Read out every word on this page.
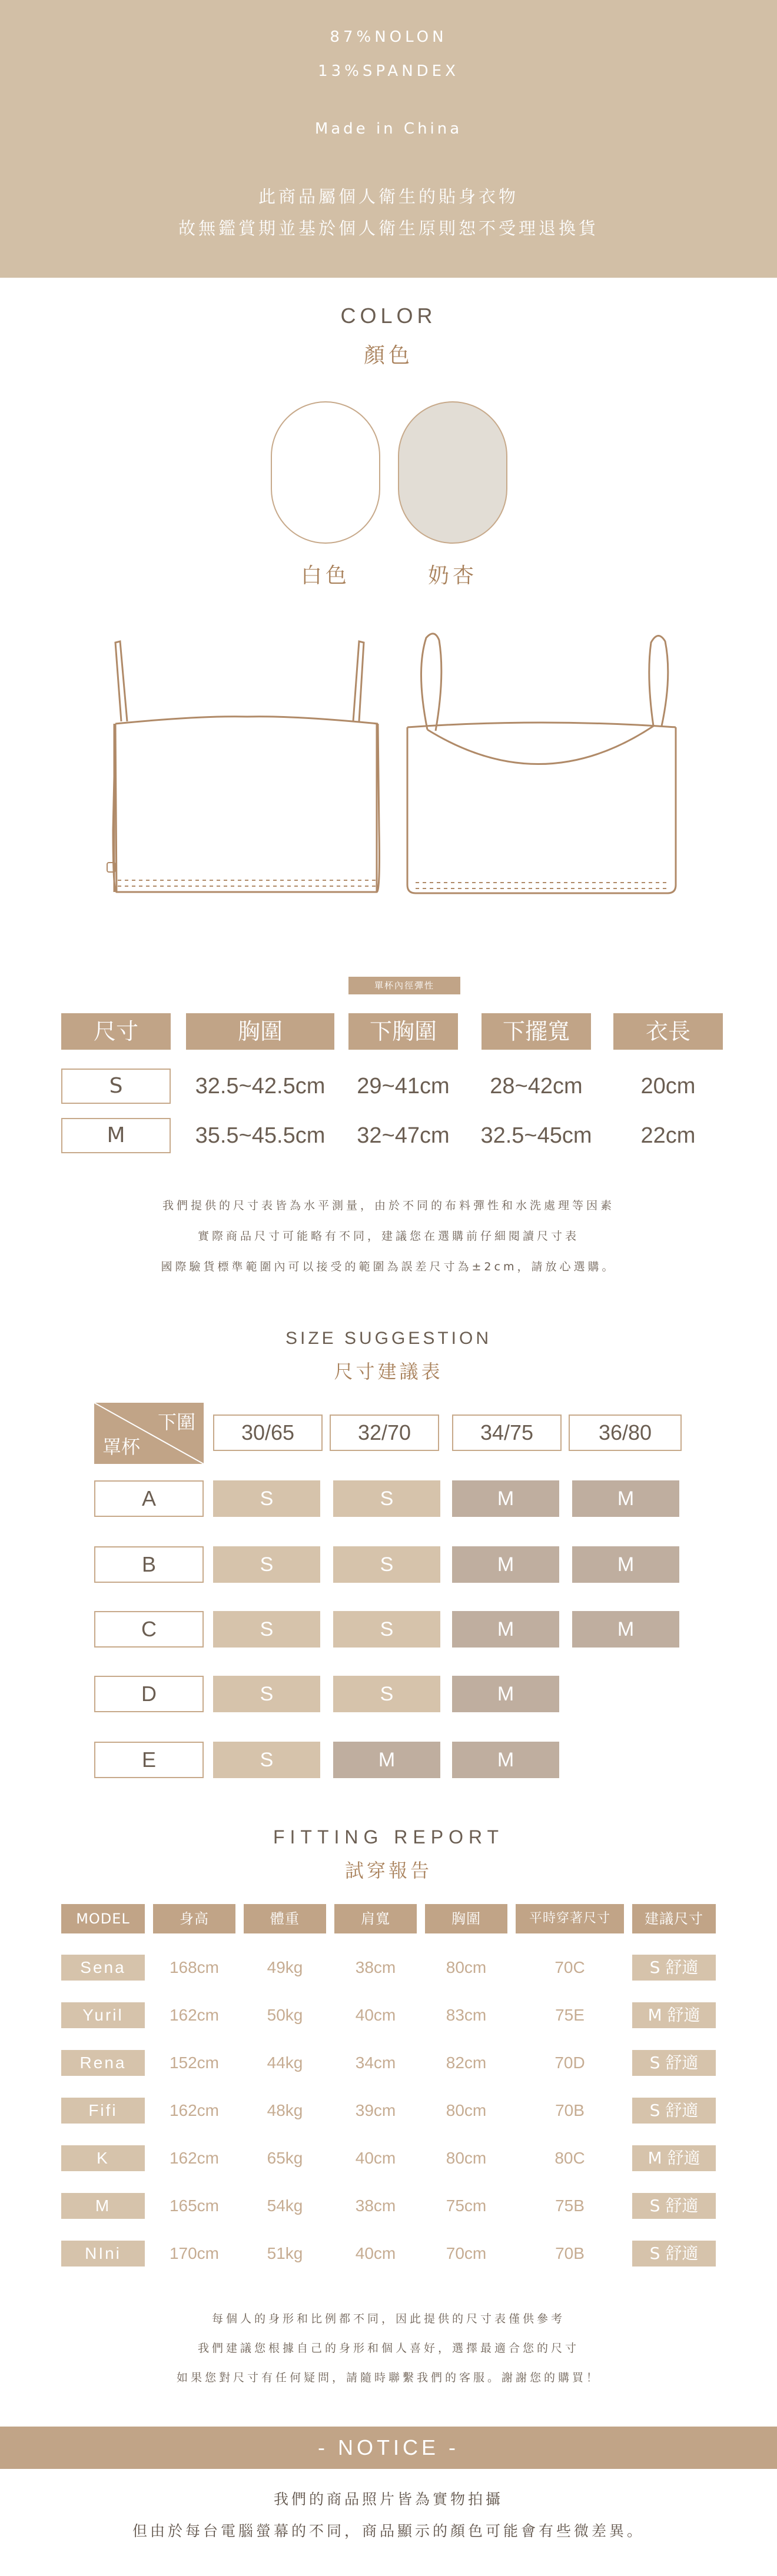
87%NOLON
13%SPANDEX
Made in China
此商品屬個人衛生的貼身衣物
故無鑑賞期並基於個人衛生原則恕不受理退換貨
COLOR
顏色
白色	奶杏
單杯內徑彈性
尺寸	胸圍	下胸圍	下擺寬	衣長
S	32.5~42.5cm	29~41cm	28~42cm	20cm
M	35.5~45.5cm	32~47cm	32.5~45cm	22cm
我們提供的尺寸表皆為水平測量，由於不同的布料彈性和水洗處理等因素
實際商品尺寸可能略有不同，建議您在選購前仔細閱讀尺寸表
國際驗貨標準範圍內可以接受的範圍為誤差尺寸為±2cm，請放心選購。
SIZE SUGGESTION
尺寸建議表
下圍
罩杯
30/65	32/70	34/75	36/80
A	S	S	M	M
B	S	S	M	M
C	S	S	M	M
D	S	S	M
E	S	M	M
FITTING REPORT
試穿報告
MODEL	身高	體重	肩寬	胸圍	平時穿著尺寸	建議尺寸
Sena	168cm	49kg	38cm	80cm	70C	S 舒適
Yuril	162cm	50kg	40cm	83cm	75E	M 舒適
Rena	152cm	44kg	34cm	82cm	70D	S 舒適
Fifi	162cm	48kg	39cm	80cm	70B	S 舒適
K	162cm	65kg	40cm	80cm	80C	M 舒適
M	165cm	54kg	38cm	75cm	75B	S 舒適
NIni	170cm	51kg	40cm	70cm	70B	S 舒適
每個人的身形和比例都不同，因此提供的尺寸表僅供參考
我們建議您根據自己的身形和個人喜好，選擇最適合您的尺寸
如果您對尺寸有任何疑問，請隨時聯繫我們的客服。謝謝您的購買！
- NOTICE -
我們的商品照片皆為實物拍攝
但由於每台電腦螢幕的不同，商品顯示的顏色可能會有些微差異。
